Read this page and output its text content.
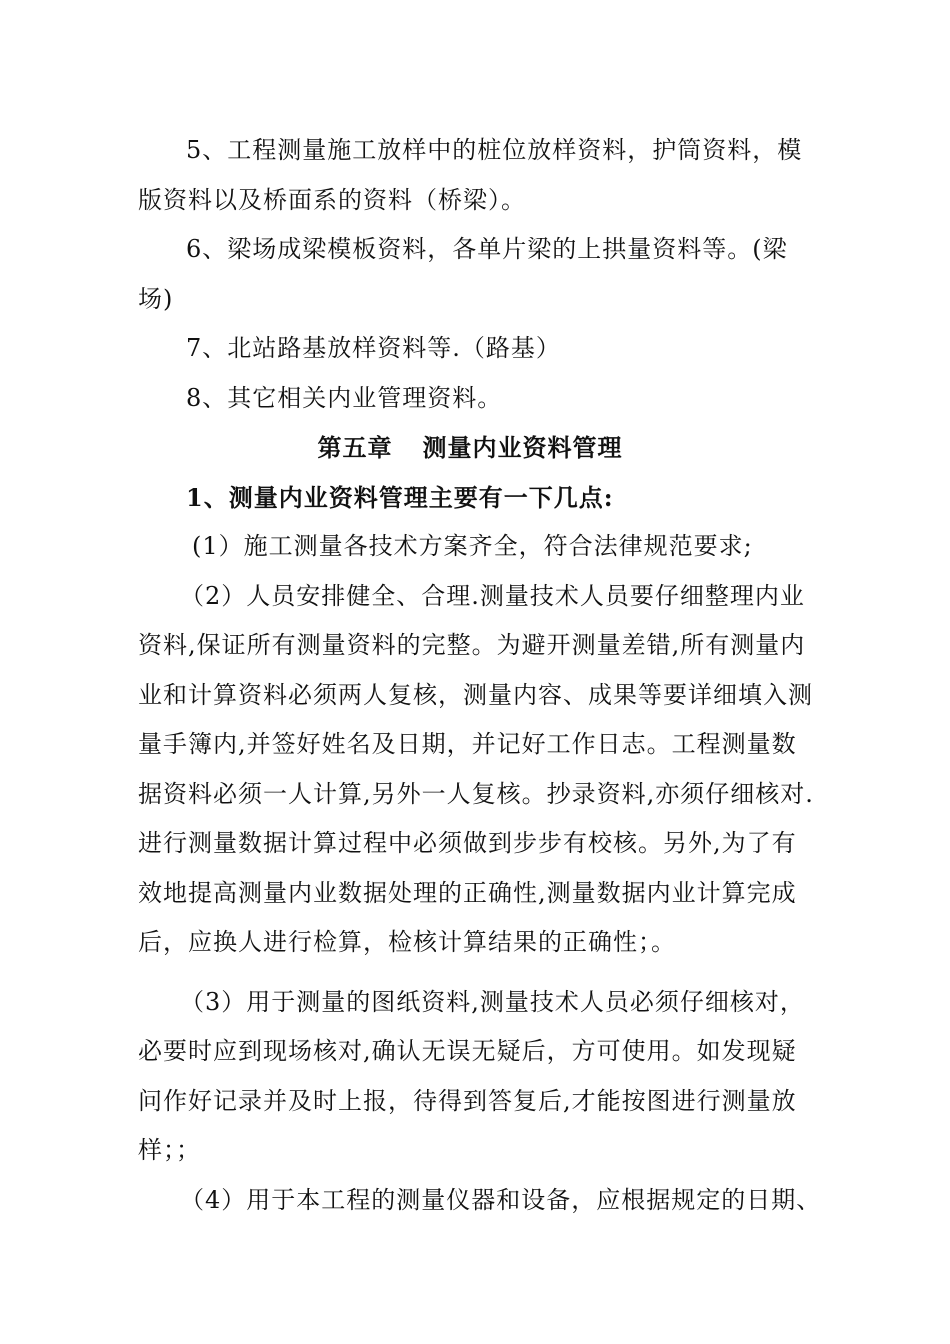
5、工程测量施工放样中的桩位放样资料，护筒资料，模
版资料以及桥面系的资料（桥梁）。
6、梁场成梁模板资料，各单片梁的上拱量资料等。(梁
场)
7、北站路基放样资料等.（路基）
8、其它相关内业管理资料。
第五章 测量内业资料管理
1、测量内业资料管理主要有一下几点:
(1）施工测量各技术方案齐全，符合法律规范要求;
（2）人员安排健全、合理.测量技术人员要仔细整理内业
资料,保证所有测量资料的完整。为避开测量差错,所有测量内
业和计算资料必须两人复核，测量内容、成果等要详细填入测
量手簿内,并签好姓名及日期，并记好工作日志。工程测量数
据资料必须一人计算,另外一人复核。抄录资料,亦须仔细核对.
进行测量数据计算过程中必须做到步步有校核。另外,为了有
效地提高测量内业数据处理的正确性,测量数据内业计算完成
后，应换人进行检算，检核计算结果的正确性；。
（3）用于测量的图纸资料,测量技术人员必须仔细核对，
必要时应到现场核对,确认无误无疑后，方可使用。如发现疑
问作好记录并及时上报，待得到答复后,才能按图进行测量放
样；；
（4）用于本工程的测量仪器和设备，应根据规定的日期、
